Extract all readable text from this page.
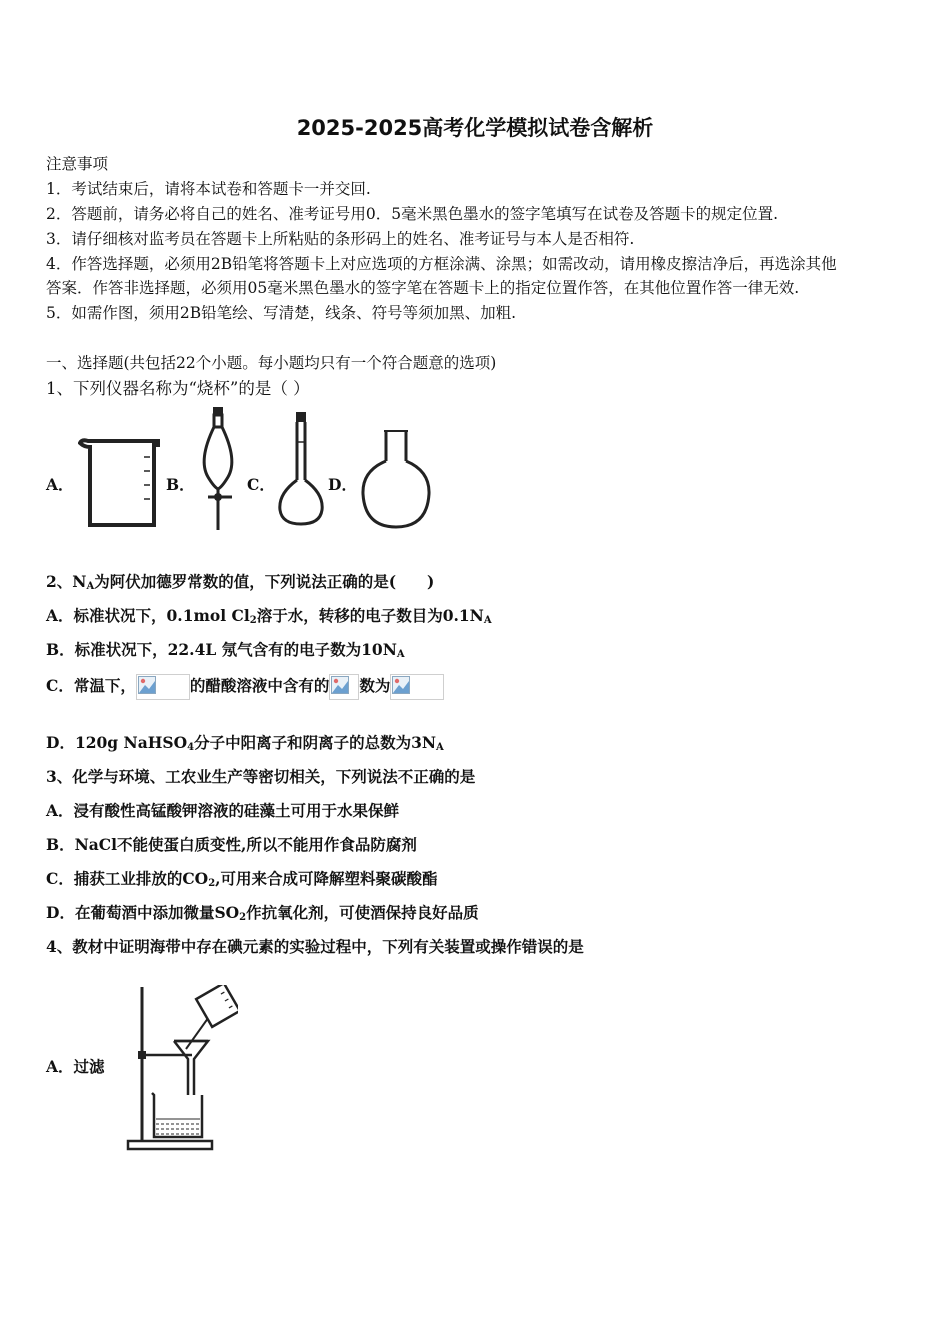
2025-2025高考化学模拟试卷含解析
注意事项
1．考试结束后，请将本试卷和答题卡一并交回.
2．答题前，请务必将自己的姓名、准考证号用0．5毫米黑色墨水的签字笔填写在试卷及答题卡的规定位置.
3．请仔细核对监考员在答题卡上所粘贴的条形码上的姓名、准考证号与本人是否相符.
4．作答选择题，必须用2B铅笔将答题卡上对应选项的方框涂满、涂黑；如需改动，请用橡皮擦洁净后，再选涂其他
答案．作答非选择题，必须用05毫米黑色墨水的签字笔在答题卡上的指定位置作答，在其他位置作答一律无效.
5．如需作图，须用2B铅笔绘、写清楚，线条、符号等须加黑、加粗.
一、选择题(共包括22个小题。每小题均只有一个符合题意的选项)
1、下列仪器名称为“烧杯”的是（ ）
A．	B．	C．	D．
2、$N_A$为阿伏加德罗常数的值，下列说法正确的是(　　)
A．标准状况下，0.1mol $Cl_2$溶于水，转移的电子数目为$0.1N_A$
B．标准状况下，22.4L 氖气含有的电子数为$10N_A$
C．常温下，	的醋酸溶液中含有的 数为
D．120g NaHSO$_4$分子中阳离子和阴离子的总数为$3N_A$
3、化学与环境、工农业生产等密切相关，下列说法不正确的是
A．浸有酸性高锰酸钾溶液的硅藻土可用于水果保鲜
B．NaCl不能使蛋白质变性,所以不能用作食品防腐剂
C．捕获工业排放的$CO_2$,可用来合成可降解塑料聚碳酸酯
D．在葡萄酒中添加微量$SO_2$作抗氧化剂，可使酒保持良好品质
4、教材中证明海带中存在碘元素的实验过程中，下列有关装置或操作错误的是
A．过滤
